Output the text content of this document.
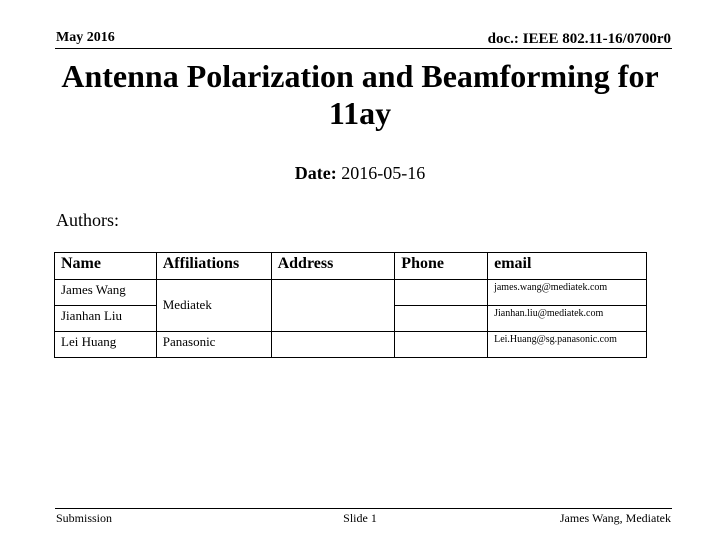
May 2016	doc.: IEEE 802.11-16/0700r0
Antenna Polarization and Beamforming for
11ay
Date: 2016-05-16
Authors:
Name	Affiliations	Address	Phone	email
James Wang	Mediatek			james.wang@mediatek.com
Jianhan Liu				Jianhan.liu@mediatek.com
Lei Huang	Panasonic			Lei.Huang@sg.panasonic.com
Submission	Slide 1	James Wang, Mediatek
